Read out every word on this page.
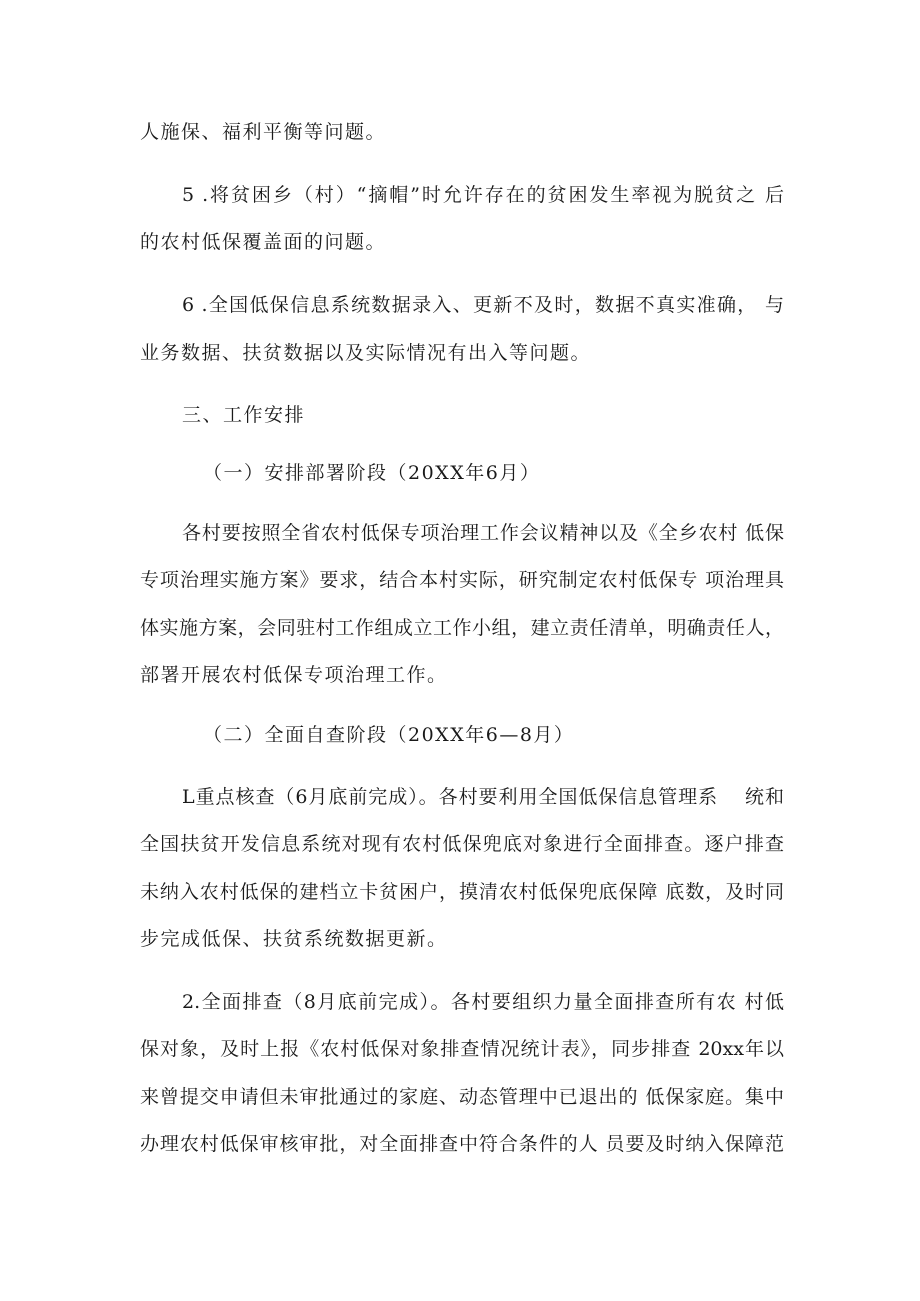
人施保、福利平衡等问题。

5 .将贫困乡（村）“摘帽”时允许存在的贫困发生率视为脱贫之 后

的农村低保覆盖面的问题。

6 .全国低保信息系统数据录入、更新不及时，数据不真实准确， 与

业务数据、扶贫数据以及实际情况有出入等问题。

三、工作安排

（一）安排部署阶段（20XX年6月）

各村要按照全省农村低保专项治理工作会议精神以及《全乡农村 低保

专项治理实施方案》要求，结合本村实际，研究制定农村低保专 项治理具

体实施方案，会同驻村工作组成立工作小组，建立责任清单，明确责任人，

部署开展农村低保专项治理工作。

（二）全面自查阶段（20XX年6—8月）

L重点核查（6月底前完成）。各村要利用全国低保信息管理系　 统和

全国扶贫开发信息系统对现有农村低保兜底对象进行全面排查。逐户排查

未纳入农村低保的建档立卡贫困户，摸清农村低保兜底保障 底数，及时同

步完成低保、扶贫系统数据更新。

2.全面排查（8月底前完成）。各村要组织力量全面排查所有农 村低

保对象，及时上报《农村低保对象排查情况统计表》，同步排查 20xx年以

来曾提交申请但未审批通过的家庭、动态管理中已退出的 低保家庭。集中

办理农村低保审核审批，对全面排查中符合条件的人 员要及时纳入保障范
